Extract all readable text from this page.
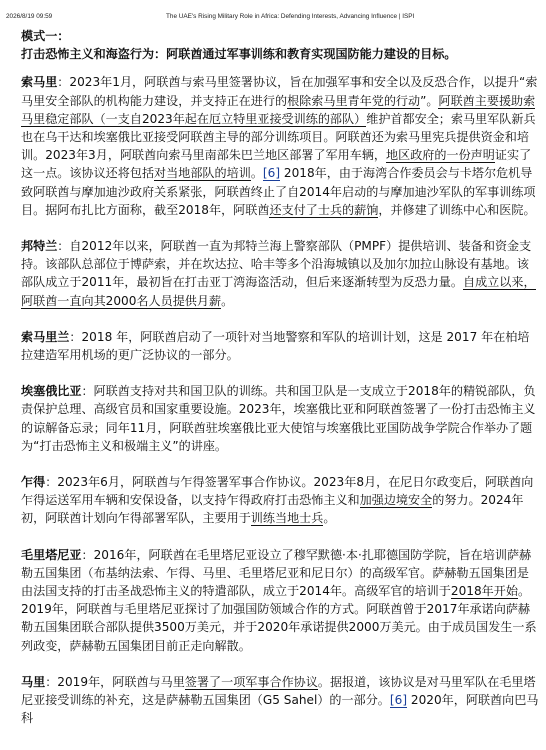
2026/8/19 09:59	The UAE's Rising Military Role in Africa: Defending Interests, Advancing Influence | ISPI

模式一：
打击恐怖主义和海盗行为：阿联酋通过军事训练和教育实现国防能力建设的目标。

索马里：2023年1月，阿联酋与索马里签署协议，旨在加强军事和安全以及反恐合作，以提升“索马里安全部队的机构能力建设，并支持正在进行的根除索马里青年党的行动”。阿联酋主要援助索马里稳定部队（一支自2023年起在厄立特里亚接受训练的部队）维护首都安全；索马里军队新兵也在乌干达和埃塞俄比亚接受阿联酋主导的部分训练项目。阿联酋还为索马里宪兵提供资金和培训。2023年3月，阿联酋向索马里南部朱巴兰地区部署了军用车辆，地区政府的一份声明证实了这一点。该协议还将包括对当地部队的培训。[6] 2018年，由于海湾合作委员会与卡塔尔危机导致阿联酋与摩加迪沙政府关系紧张，阿联酋终止了自2014年启动的与摩加迪沙军队的军事训练项目。据阿布扎比方面称，截至2018年，阿联酋还支付了士兵的薪饷，并修建了训练中心和医院。

邦特兰：自2012年以来，阿联酋一直为邦特兰海上警察部队（PMPF）提供培训、装备和资金支持。该部队总部位于博萨索，并在坎达拉、哈丰等多个沿海城镇以及加尔加拉山脉设有基地。该部队成立于2011年，最初旨在打击亚丁湾海盗活动，但后来逐渐转型为反恐力量。自成立以来，阿联酋一直向其2000名人员提供月薪。

索马里兰：2018 年，阿联酋启动了一项针对当地警察和军队的培训计划，这是 2017 年在柏培拉建造军用机场的更广泛协议的一部分。

埃塞俄比亚：阿联酋支持对共和国卫队的训练。共和国卫队是一支成立于2018年的精锐部队，负责保护总理、高级官员和国家重要设施。2023年，埃塞俄比亚和阿联酋签署了一份打击恐怖主义的谅解备忘录；同年11月，阿联酋驻埃塞俄比亚大使馆与埃塞俄比亚国防战争学院合作举办了题为“打击恐怖主义和极端主义”的讲座。

乍得：2023年6月，阿联酋与乍得签署军事合作协议。2023年8月，在尼日尔政变后，阿联酋向乍得运送军用车辆和安保设备，以支持乍得政府打击恐怖主义和加强边境安全的努力。2024年初，阿联酋计划向乍得部署军队，主要用于训练当地士兵。

毛里塔尼亚：2016年，阿联酋在毛里塔尼亚设立了穆罕默德·本·扎耶德国防学院，旨在培训萨赫勒五国集团（布基纳法索、乍得、马里、毛里塔尼亚和尼日尔）的高级军官。萨赫勒五国集团是由法国支持的打击圣战恐怖主义的特遣部队，成立于2014年。高级军官的培训于2018年开始。2019年，阿联酋与毛里塔尼亚探讨了加强国防领域合作的方式。阿联酋曾于2017年承诺向萨赫勒五国集团联合部队提供3500万美元，并于2020年承诺提供2000万美元。由于成员国发生一系列政变，萨赫勒五国集团目前正走向解散。

马里：2019年，阿联酋与马里签署了一项军事合作协议。据报道，该协议是对马里军队在毛里塔尼亚接受训练的补充，这是萨赫勒五国集团（G5 Sahel）的一部分。[6] 2020年，阿联酋向巴马科
